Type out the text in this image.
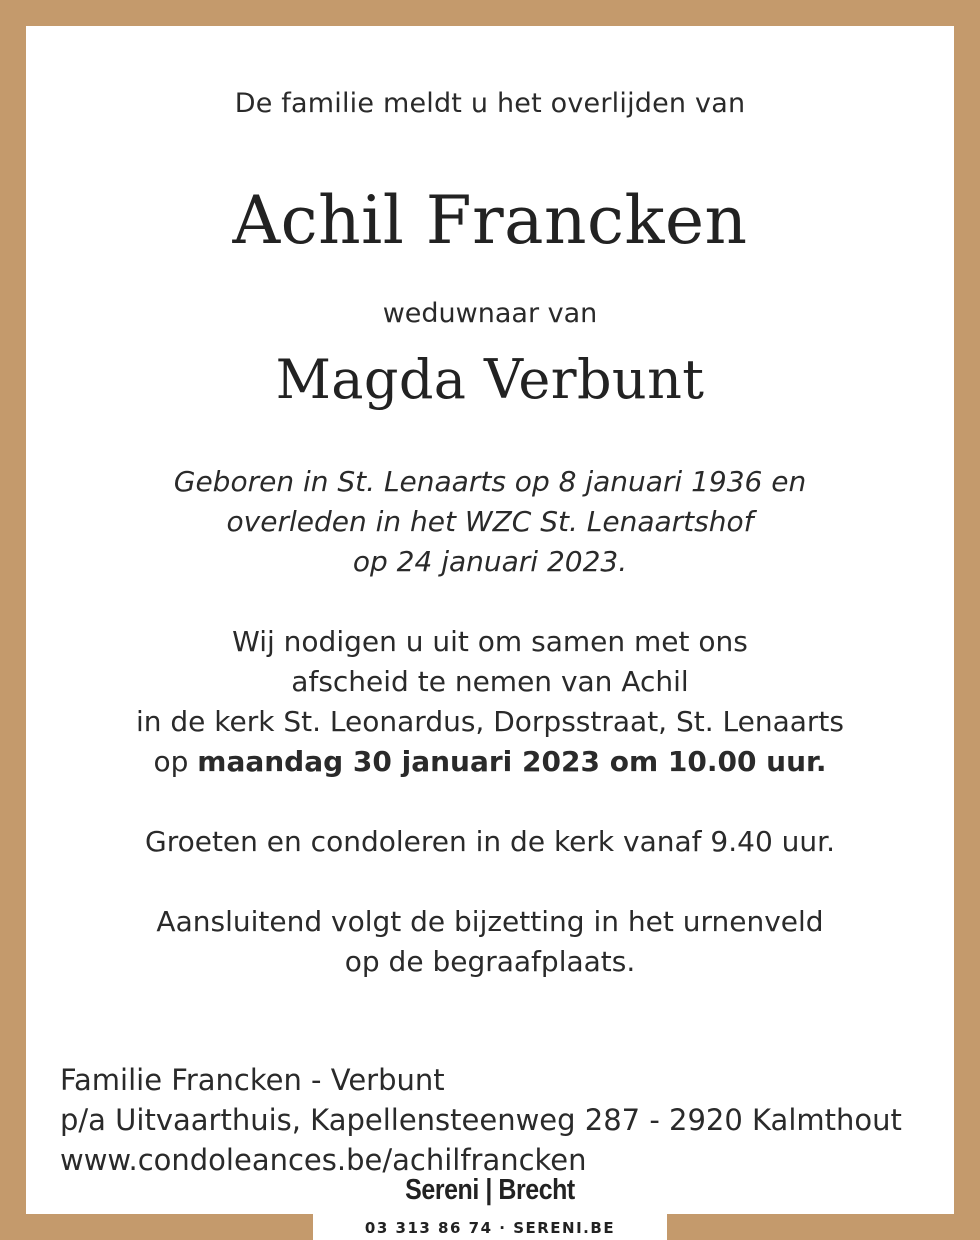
De familie meldt u het overlijden van
Achil Francken
weduwnaar van
Magda Verbunt
Geboren in St. Lenaarts op 8 januari 1936 en
overleden in het WZC St. Lenaartshof
op 24 januari 2023.
Wij nodigen u uit om samen met ons
afscheid te nemen van Achil
in de kerk St. Leonardus, Dorpsstraat, St. Lenaarts
op maandag 30 januari 2023 om 10.00 uur.
Groeten en condoleren in de kerk vanaf 9.40 uur.
Aansluitend volgt de bijzetting in het urnenveld
op de begraafplaats.
Familie Francken - Verbunt
p/a Uitvaarthuis, Kapellensteenweg 287 - 2920 Kalmthout
www.condoleances.be/achilfrancken
Sereni | Brecht
03 313 86 74 · SERENI.BE
